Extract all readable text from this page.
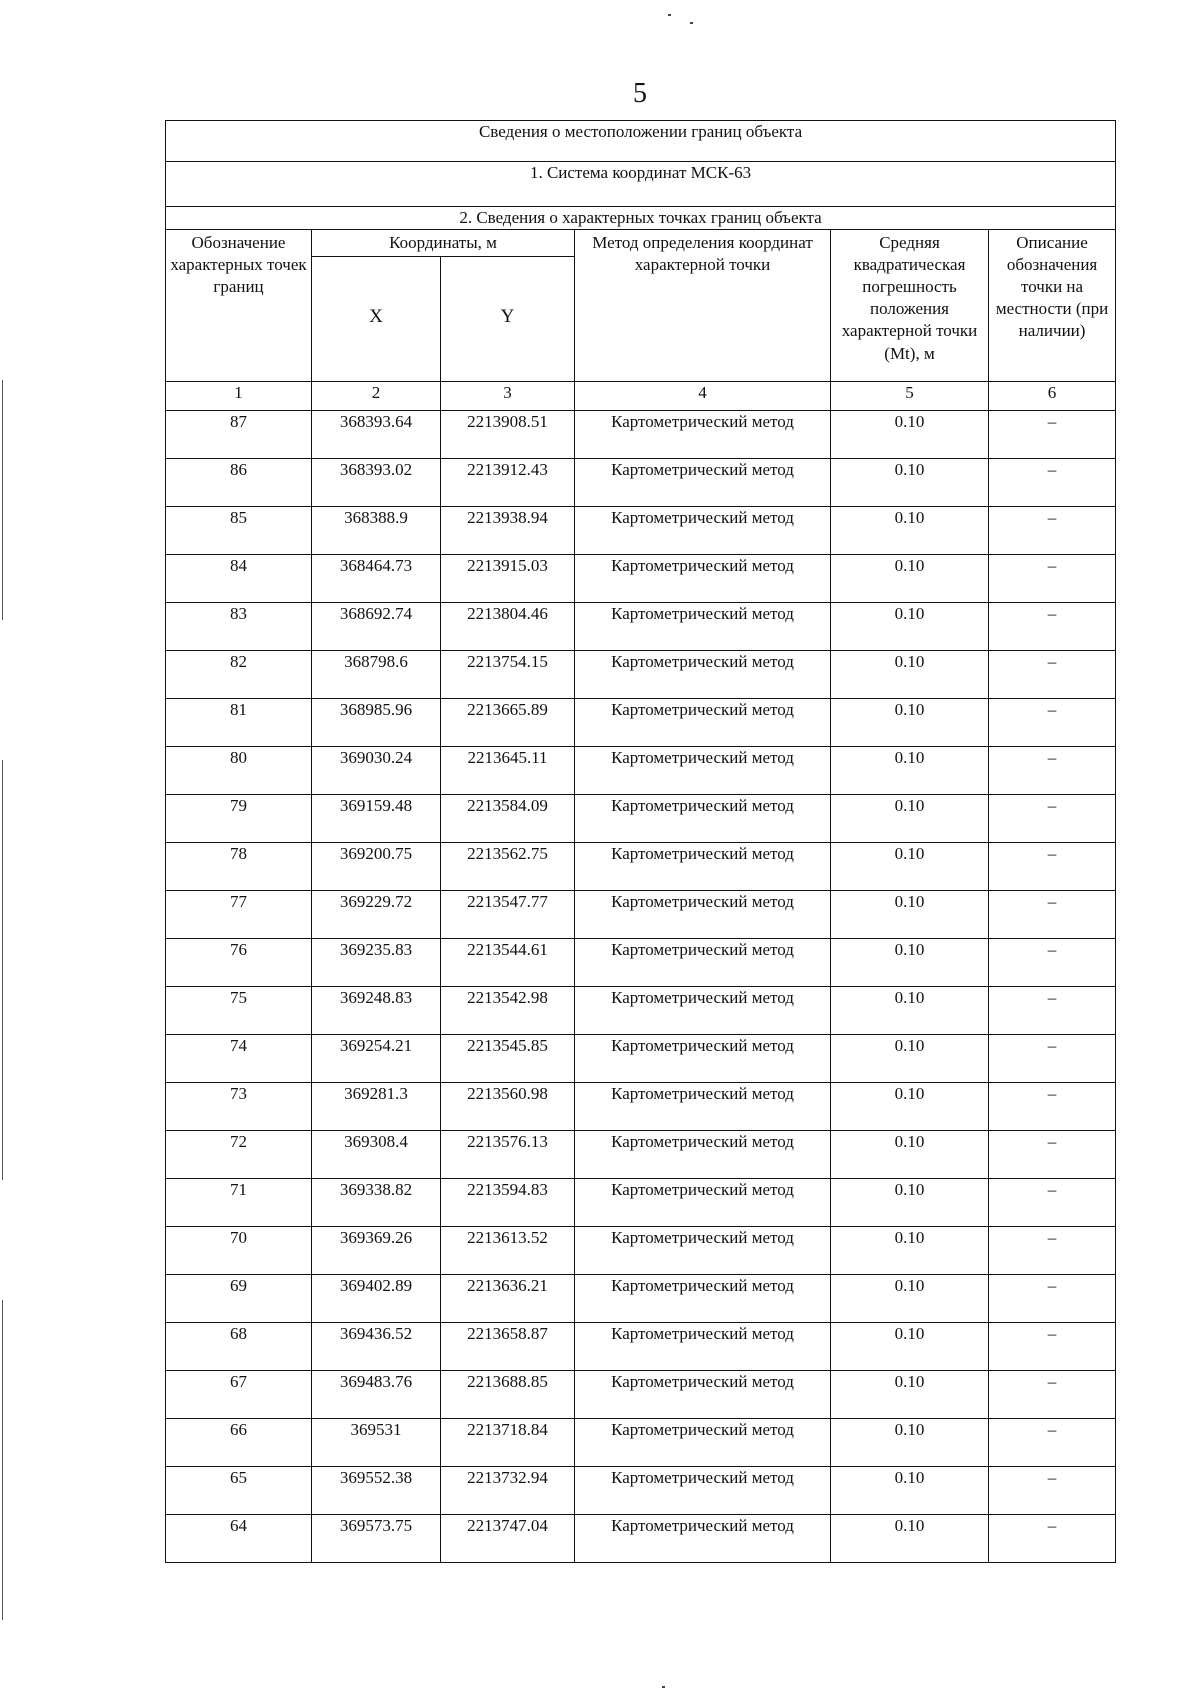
5
Сведения о местоположении границ объекта					
1. Система координат МСК-63					
2. Сведения о характерных точках границ объекта					

Обозначение характерных точек границ	Координаты, м		Метод определения координат характерной точки	Средняя квадратическая погрешность положения характерной точки (Mt), м	Описание обозначения точки на местности (при наличии)

	X	Y			

1	2	3	4	5	6
87	368393.64	2213908.51	Картометрический метод	0.10	–
86	368393.02	2213912.43	Картометрический метод	0.10	–
85	368388.9	2213938.94	Картометрический метод	0.10	–
84	368464.73	2213915.03	Картометрический метод	0.10	–
83	368692.74	2213804.46	Картометрический метод	0.10	–
82	368798.6	2213754.15	Картометрический метод	0.10	–
81	368985.96	2213665.89	Картометрический метод	0.10	–
80	369030.24	2213645.11	Картометрический метод	0.10	–
79	369159.48	2213584.09	Картометрический метод	0.10	–
78	369200.75	2213562.75	Картометрический метод	0.10	–
77	369229.72	2213547.77	Картометрический метод	0.10	–
76	369235.83	2213544.61	Картометрический метод	0.10	–
75	369248.83	2213542.98	Картометрический метод	0.10	–
74	369254.21	2213545.85	Картометрический метод	0.10	–
73	369281.3	2213560.98	Картометрический метод	0.10	–
72	369308.4	2213576.13	Картометрический метод	0.10	–
71	369338.82	2213594.83	Картометрический метод	0.10	–
70	369369.26	2213613.52	Картометрический метод	0.10	–
69	369402.89	2213636.21	Картометрический метод	0.10	–
68	369436.52	2213658.87	Картометрический метод	0.10	–
67	369483.76	2213688.85	Картометрический метод	0.10	–
66	369531	2213718.84	Картометрический метод	0.10	–
65	369552.38	2213732.94	Картометрический метод	0.10	–
64	369573.75	2213747.04	Картометрический метод	0.10	–
